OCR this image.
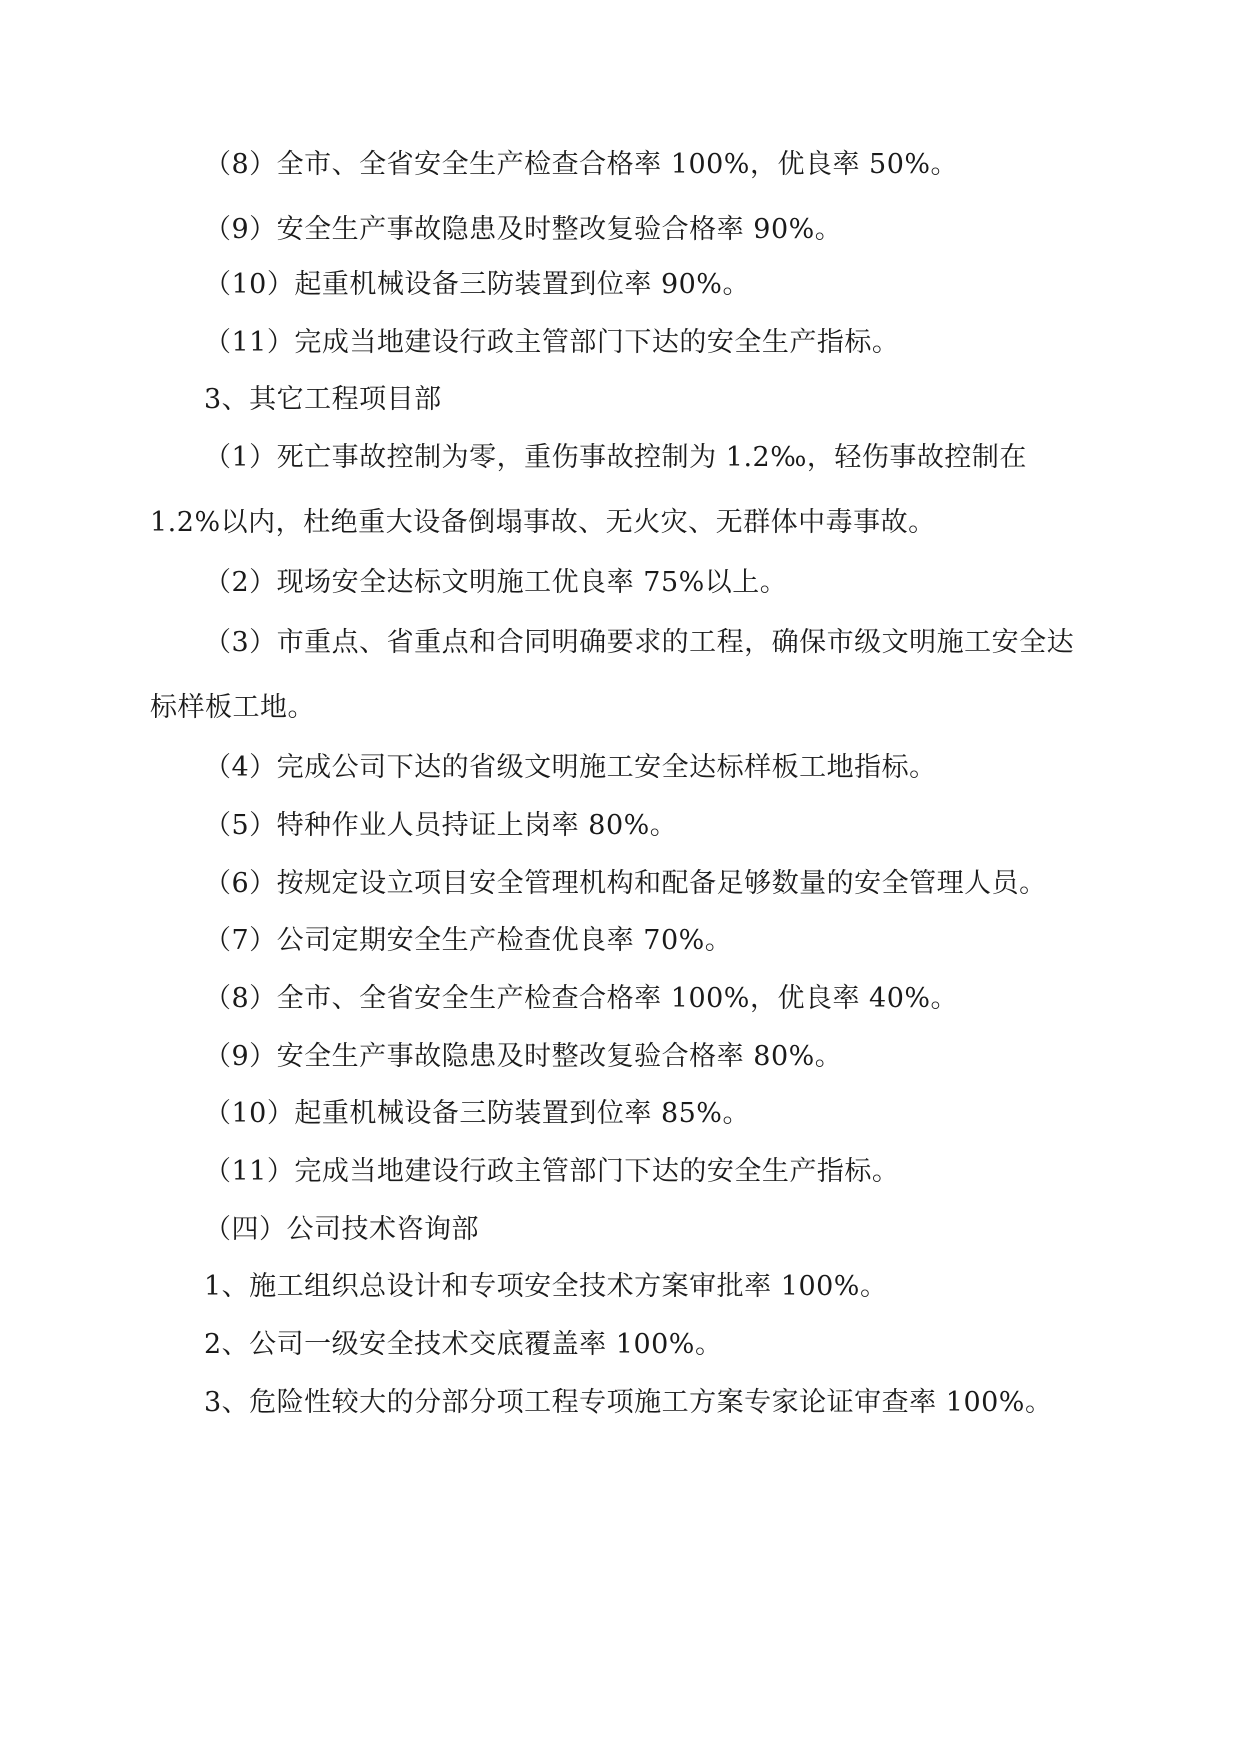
（8）全市、全省安全生产检查合格率 100%，优良率 50%。

（9）安全生产事故隐患及时整改复验合格率 90%。

（10）起重机械设备三防装置到位率 90%。

（11）完成当地建设行政主管部门下达的安全生产指标。

3、其它工程项目部

（1）死亡事故控制为零，重伤事故控制为 1.2‰，轻伤事故控制在 1.2%以内，杜绝重大设备倒塌事故、无火灾、无群体中毒事故。

（2）现场安全达标文明施工优良率 75%以上。

（3）市重点、省重点和合同明确要求的工程，确保市级文明施工安全达标样板工地。

（4）完成公司下达的省级文明施工安全达标样板工地指标。

（5）特种作业人员持证上岗率 80%。

（6）按规定设立项目安全管理机构和配备足够数量的安全管理人员。

（7）公司定期安全生产检查优良率 70%。

（8）全市、全省安全生产检查合格率 100%，优良率 40%。

（9）安全生产事故隐患及时整改复验合格率 80%。

（10）起重机械设备三防装置到位率 85%。

（11）完成当地建设行政主管部门下达的安全生产指标。

（四）公司技术咨询部

1、施工组织总设计和专项安全技术方案审批率 100%。

2、公司一级安全技术交底覆盖率 100%。

3、危险性较大的分部分项工程专项施工方案专家论证审查率 100%。
